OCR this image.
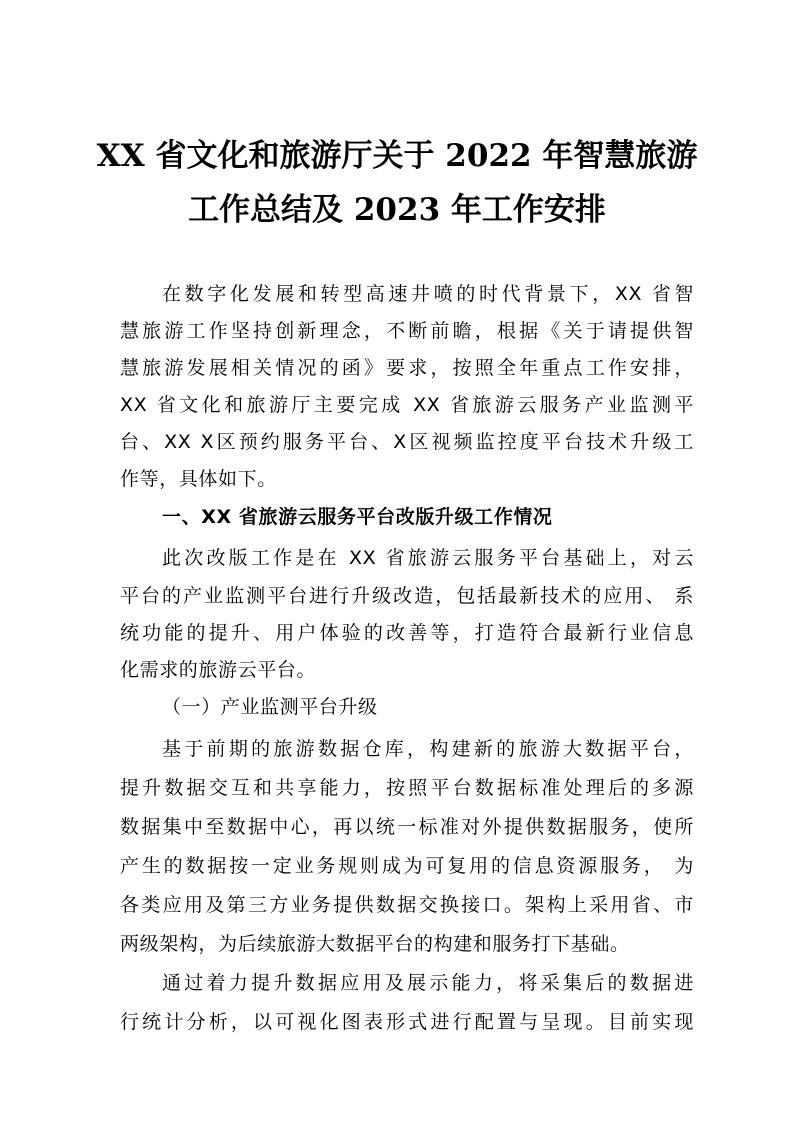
XX 省文化和旅游厅关于 2022 年智慧旅游
工作总结及 2023 年工作安排
在数字化发展和转型高速井喷的时代背景下，XX 省智
慧旅游工作坚持创新理念，不断前瞻，根据《关于请提供智
慧旅游发展相关情况的函》要求，按照全年重点工作安排，
XX 省文化和旅游厅主要完成 XX 省旅游云服务产业监测平
台、XX X区预约服务平台、X区视频监控度平台技术升级工
作等，具体如下。
一、XX 省旅游云服务平台改版升级工作情况
此次改版工作是在 XX 省旅游云服务平台基础上，对云
平台的产业监测平台进行升级改造，包括最新技术的应用、 系
统功能的提升、用户体验的改善等，打造符合最新行业信息
化需求的旅游云平台。
（一）产业监测平台升级
基于前期的旅游数据仓库，构建新的旅游大数据平台，
提升数据交互和共享能力，按照平台数据标准处理后的多源
数据集中至数据中心，再以统一标准对外提供数据服务，使所
产生的数据按一定业务规则成为可复用的信息资源服务， 为
各类应用及第三方业务提供数据交换接口。架构上采用省、市
两级架构，为后续旅游大数据平台的构建和服务打下基础。
通过着力提升数据应用及展示能力，将采集后的数据进
行统计分析，以可视化图表形式进行配置与呈现。目前实现
